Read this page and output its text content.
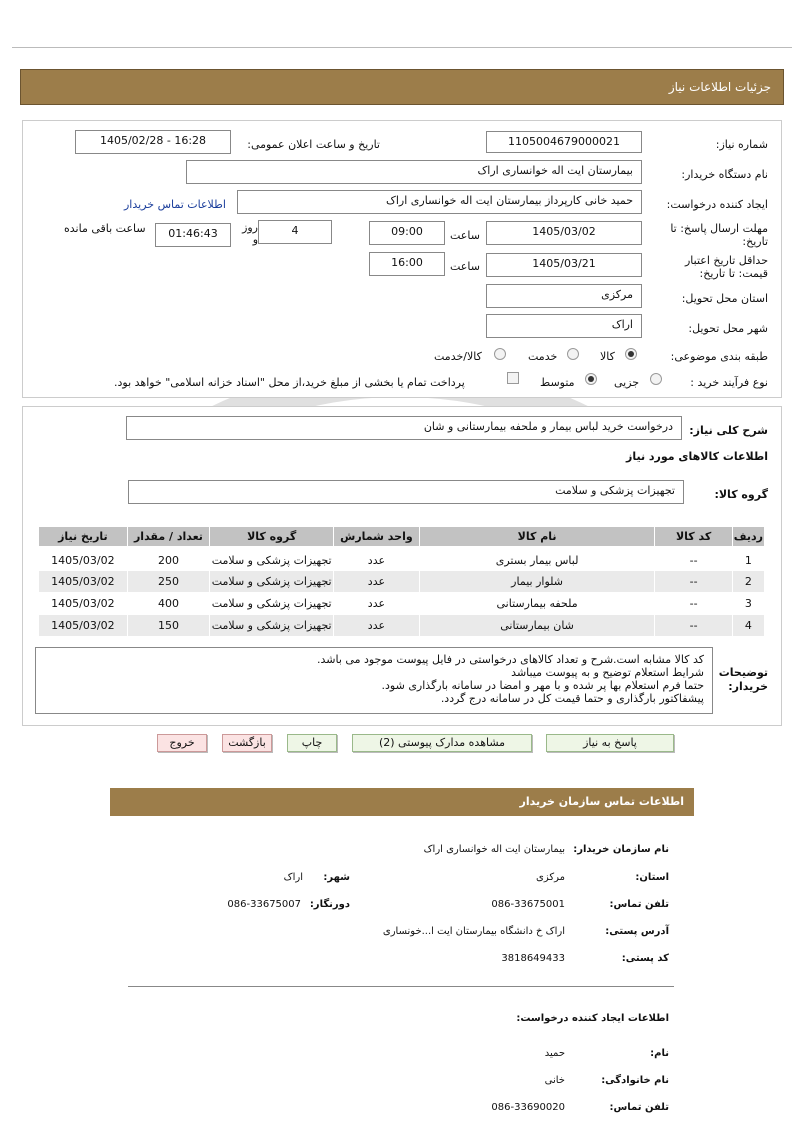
جزئیات اطلاعات نیاز
شماره نیاز:
1105004679000021
تاریخ و ساعت اعلان عمومی:
1405/02/28 - 16:28
نام دستگاه خریدار:
بیمارستان ایت اله خوانساری اراک
ایجاد کننده درخواست:
حمید خانی کارپرداز بیمارستان ایت اله خوانساری اراک
اطلاعات تماس خریدار
مهلت ارسال پاسخ: تا تاریخ:
1405/03/02
ساعت
09:00
4
روز و
01:46:43
ساعت باقی مانده
حداقل تاریخ اعتبار قیمت: تا تاریخ:
1405/03/21
ساعت
16:00
استان محل تحویل:
مرکزی
شهر محل تحویل:
اراک
طبقه بندی موضوعی:
کالا
خدمت
کالا/خدمت
نوع فرآیند خرید :
جزیی
متوسط
پرداخت تمام یا بخشی از مبلغ خرید،از محل "اسناد خزانه اسلامی" خواهد بود.
شرح کلی نیاز:
درخواست خرید لباس بیمار و ملحفه بیمارستانی و شان
اطلاعات کالاهای مورد نیاز
گروه کالا:
تجهیزات پزشکی و سلامت
ردیف	کد کالا	نام کالا	واحد شمارش	گروه کالا	تعداد / مقدار	تاریخ نیاز
1	--	لباس بیمار بستری	عدد	تجهیزات پزشکی و سلامت	200	1405/03/02
2	--	شلوار بیمار	عدد	تجهیزات پزشکی و سلامت	250	1405/03/02
3	--	ملحفه بیمارستانی	عدد	تجهیزات پزشکی و سلامت	400	1405/03/02
4	--	شان بیمارستانی	عدد	تجهیزات پزشکی و سلامت	150	1405/03/02
توضیحات خریدار:
کد کالا مشابه است.شرح و تعداد کالاهای درخواستی در فایل پیوست موجود می باشد.
شرایط استعلام توضیح و به پیوست میباشد
حتما فرم استعلام بها پر شده و با مهر و امضا در سامانه بارگذاری شود.
پیشفاکتور بارگذاری و حتما قیمت کل در سامانه درج گردد.
پاسخ به نیاز
مشاهده مدارک پیوستی (2)
چاپ
بازگشت
خروج
اطلاعات تماس سازمان خریدار
نام سازمان خریدار:
بیمارستان ایت اله خوانساری اراک
استان:
مرکزی
شهر:
اراک
تلفن تماس:
086-33675001
دورنگار:
086-33675007
آدرس پستی:
اراک خ دانشگاه بیمارستان ایت ا...خونساری
کد پستی:
3818649433
اطلاعات ایجاد کننده درخواست:
نام:
حمید
نام خانوادگی:
خانی
تلفن تماس:
086-33690020
